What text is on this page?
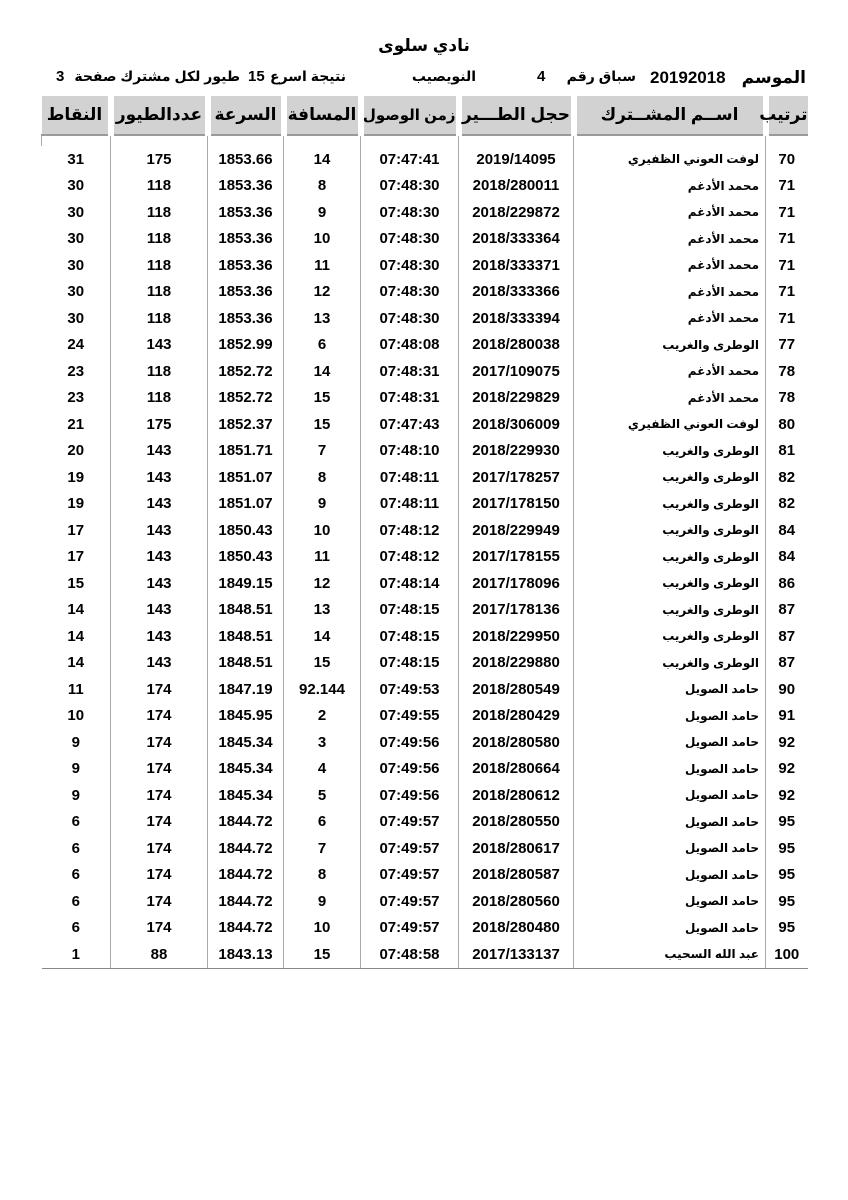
نادي سلوى
الموسم
20192018
سباق رقم
4
النويصيب
نتيجة اسرع
15
طيور لكل مشترك صفحة
3
ترتيب	اســم المشــترك	حجل الطـــير	زمن الوصول	المسافة	السرعة	عددالطيور	النقاط

70	لوفت العوني الظفيري	2019/14095	07:47:41	14	1853.66	175	31
71	محمد الأدغم	2018/280011	07:48:30	8	1853.36	118	30
71	محمد الأدغم	2018/229872	07:48:30	9	1853.36	118	30
71	محمد الأدغم	2018/333364	07:48:30	10	1853.36	118	30
71	محمد الأدغم	2018/333371	07:48:30	11	1853.36	118	30
71	محمد الأدغم	2018/333366	07:48:30	12	1853.36	118	30
71	محمد الأدغم	2018/333394	07:48:30	13	1853.36	118	30
77	الوطرى والغريب	2018/280038	07:48:08	6	1852.99	143	24
78	محمد الأدغم	2017/109075	07:48:31	14	1852.72	118	23
78	محمد الأدغم	2018/229829	07:48:31	15	1852.72	118	23
80	لوفت العوني الظفيري	2018/306009	07:47:43	15	1852.37	175	21
81	الوطرى والغريب	2018/229930	07:48:10	7	1851.71	143	20
82	الوطرى والغريب	2017/178257	07:48:11	8	1851.07	143	19
82	الوطرى والغريب	2017/178150	07:48:11	9	1851.07	143	19
84	الوطرى والغريب	2018/229949	07:48:12	10	1850.43	143	17
84	الوطرى والغريب	2017/178155	07:48:12	11	1850.43	143	17
86	الوطرى والغريب	2017/178096	07:48:14	12	1849.15	143	15
87	الوطرى والغريب	2017/178136	07:48:15	13	1848.51	143	14
87	الوطرى والغريب	2018/229950	07:48:15	14	1848.51	143	14
87	الوطرى والغريب	2018/229880	07:48:15	15	1848.51	143	14
90	حامد الصويل	2018/280549	07:49:53	92.144	1847.19	174	11
91	حامد الصويل	2018/280429	07:49:55	2	1845.95	174	10
92	حامد الصويل	2018/280580	07:49:56	3	1845.34	174	9
92	حامد الصويل	2018/280664	07:49:56	4	1845.34	174	9
92	حامد الصويل	2018/280612	07:49:56	5	1845.34	174	9
95	حامد الصويل	2018/280550	07:49:57	6	1844.72	174	6
95	حامد الصويل	2018/280617	07:49:57	7	1844.72	174	6
95	حامد الصويل	2018/280587	07:49:57	8	1844.72	174	6
95	حامد الصويل	2018/280560	07:49:57	9	1844.72	174	6
95	حامد الصويل	2018/280480	07:49:57	10	1844.72	174	6
100	عبد الله السحيب	2017/133137	07:48:58	15	1843.13	88	1
